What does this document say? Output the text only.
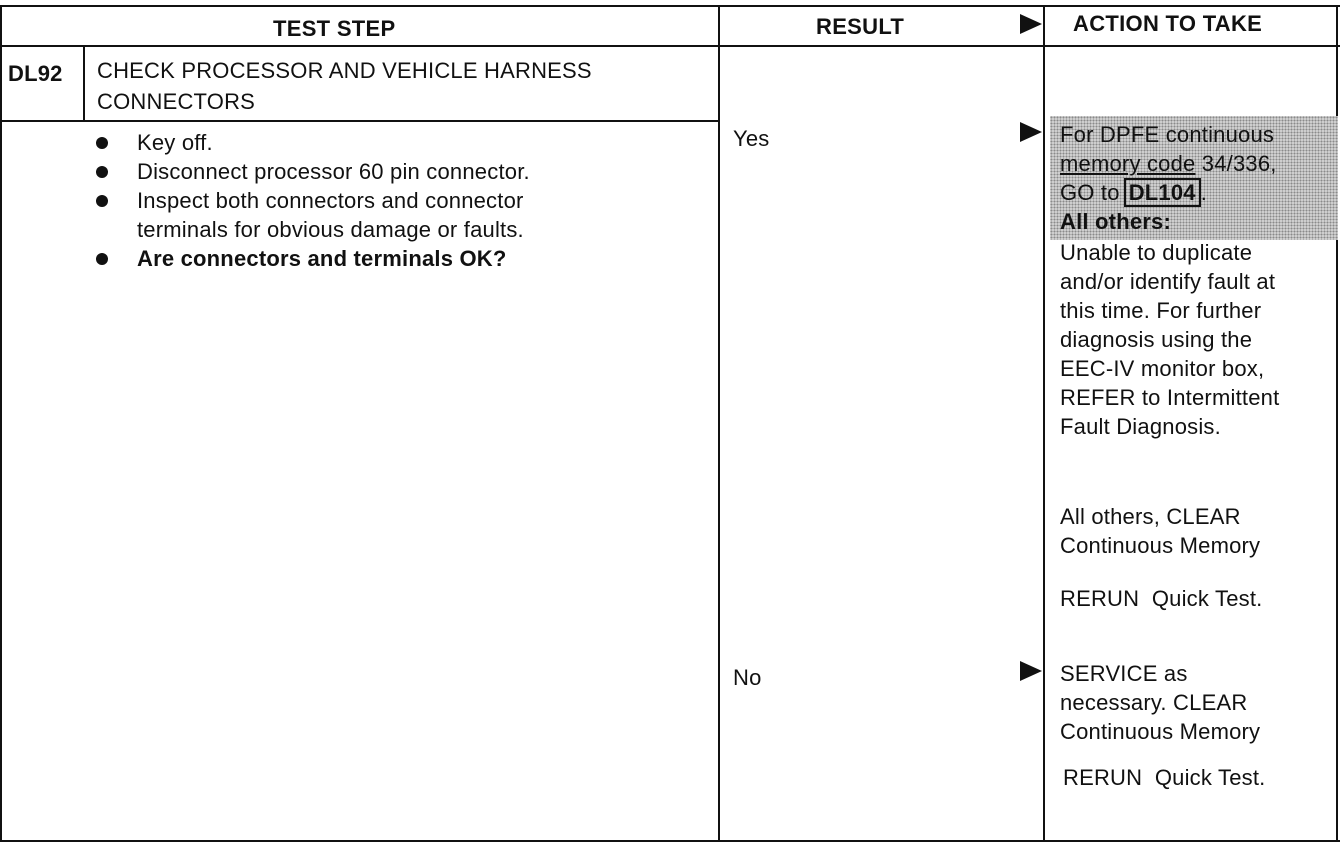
TEST STEP	RESULT	ACTION TO TAKE
DL92 CHECK PROCESSOR AND VEHICLE HARNESS
CONNECTORS
Key off.
Disconnect processor 60 pin connector.
Inspect both connectors and connector
terminals for obvious damage or faults.
Are connectors and terminals OK?
Yes
No
For DPFE continuous
memory code 34/336,
GO to DL104 .
All others:
Unable to duplicate
and/or identify fault at
this time. For further
diagnosis using the
EEC-IV monitor box,
REFER to Intermittent
Fault Diagnosis.
All others, CLEAR
Continuous Memory
RERUN  Quick Test.
SERVICE as
necessary. CLEAR
Continuous Memory
RERUN  Quick Test.
